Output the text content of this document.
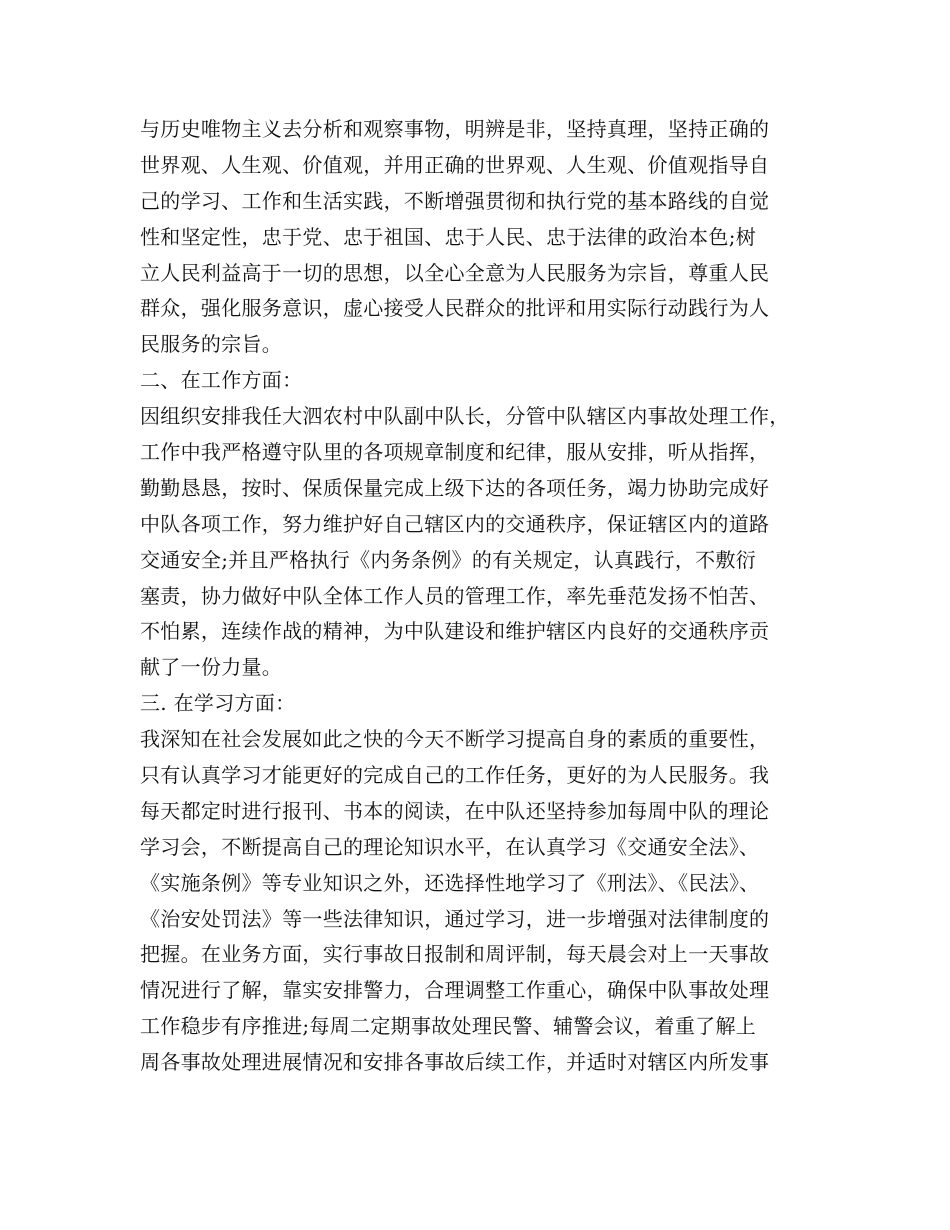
与历史唯物主义去分析和观察事物，明辨是非，坚持真理，坚持正确的
世界观、人生观、价值观，并用正确的世界观、人生观、价值观指导自
己的学习、工作和生活实践，不断增强贯彻和执行党的基本路线的自觉
性和坚定性，忠于党、忠于祖国、忠于人民、忠于法律的政治本色;树
立人民利益高于一切的思想，以全心全意为人民服务为宗旨，尊重人民
群众，强化服务意识，虚心接受人民群众的批评和用实际行动践行为人
民服务的宗旨。
二、在工作方面：
因组织安排我任大泗农村中队副中队长，分管中队辖区内事故处理工作，
工作中我严格遵守队里的各项规章制度和纪律，服从安排，听从指挥，
勤勤恳恳，按时、保质保量完成上级下达的各项任务，竭力协助完成好
中队各项工作，努力维护好自己辖区内的交通秩序，保证辖区内的道路
交通安全;并且严格执行《内务条例》的有关规定，认真践行，不敷衍
塞责，协力做好中队全体工作人员的管理工作，率先垂范发扬不怕苦、
不怕累，连续作战的精神，为中队建设和维护辖区内良好的交通秩序贡
献了一份力量。
三. 在学习方面：
我深知在社会发展如此之快的今天不断学习提高自身的素质的重要性，
只有认真学习才能更好的完成自己的工作任务，更好的为人民服务。我
每天都定时进行报刊、书本的阅读，在中队还坚持参加每周中队的理论
学习会，不断提高自己的理论知识水平，在认真学习《交通安全法》、
《实施条例》等专业知识之外，还选择性地学习了《刑法》、《民法》、
《治安处罚法》等一些法律知识，通过学习，进一步增强对法律制度的
把握。在业务方面，实行事故日报制和周评制，每天晨会对上一天事故
情况进行了解，靠实安排警力，合理调整工作重心，确保中队事故处理
工作稳步有序推进;每周二定期事故处理民警、辅警会议，着重了解上
周各事故处理进展情况和安排各事故后续工作，并适时对辖区内所发事
